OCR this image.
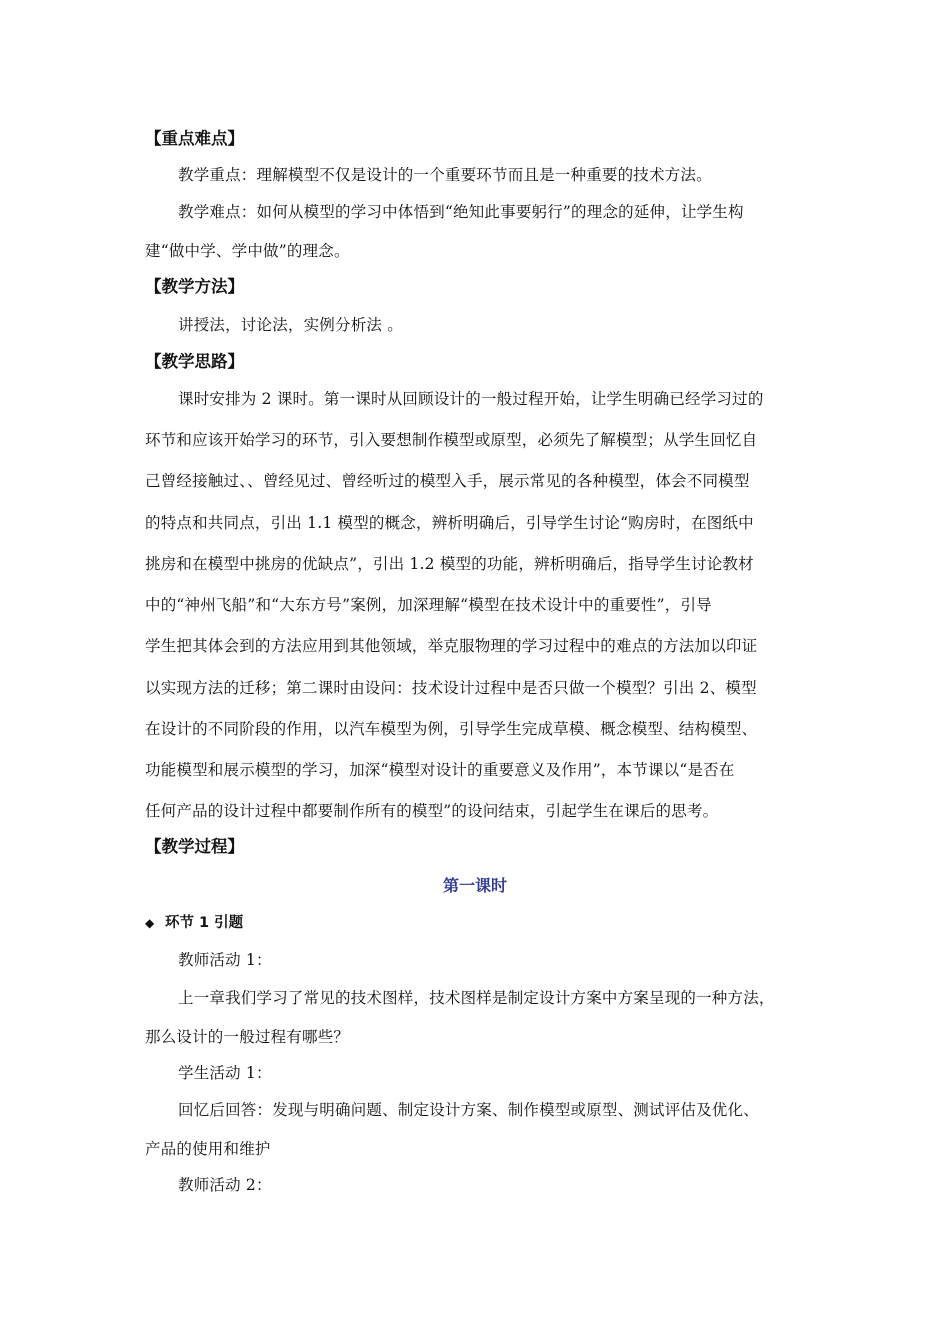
【重点难点】
教学重点：理解模型不仅是设计的一个重要环节而且是一种重要的技术方法。
教学难点：如何从模型的学习中体悟到“绝知此事要躬行”的理念的延伸，让学生构
建“做中学、学中做”的理念。
【教学方法】
讲授法，讨论法，实例分析法 。
【教学思路】
课时安排为 2 课时。第一课时从回顾设计的一般过程开始，让学生明确已经学习过的
环节和应该开始学习的环节，引入要想制作模型或原型，必须先了解模型；从学生回忆自
己曾经接触过、、曾经见过、曾经听过的模型入手，展示常见的各种模型，体会不同模型
的特点和共同点，引出 1.1 模型的概念，辨析明确后，引导学生讨论“购房时，在图纸中
挑房和在模型中挑房的优缺点”，引出 1.2 模型的功能，辨析明确后，指导学生讨论教材
中的“神州飞船”和“大东方号”案例，加深理解“模型在技术设计中的重要性”，引导
学生把其体会到的方法应用到其他领域，举克服物理的学习过程中的难点的方法加以印证
以实现方法的迁移；第二课时由设问：技术设计过程中是否只做一个模型？引出 2、模型
在设计的不同阶段的作用，以汽车模型为例，引导学生完成草模、概念模型、结构模型、
功能模型和展示模型的学习，加深“模型对设计的重要意义及作用”，本节课以“是否在
任何产品的设计过程中都要制作所有的模型”的设问结束，引起学生在课后的思考。
【教学过程】
第一课时
◆ 环节 1 引题
教师活动 1：
上一章我们学习了常见的技术图样，技术图样是制定设计方案中方案呈现的一种方法，
那么设计的一般过程有哪些？
学生活动 1：
回忆后回答：发现与明确问题、制定设计方案、制作模型或原型、测试评估及优化、
产品的使用和维护
教师活动 2：
